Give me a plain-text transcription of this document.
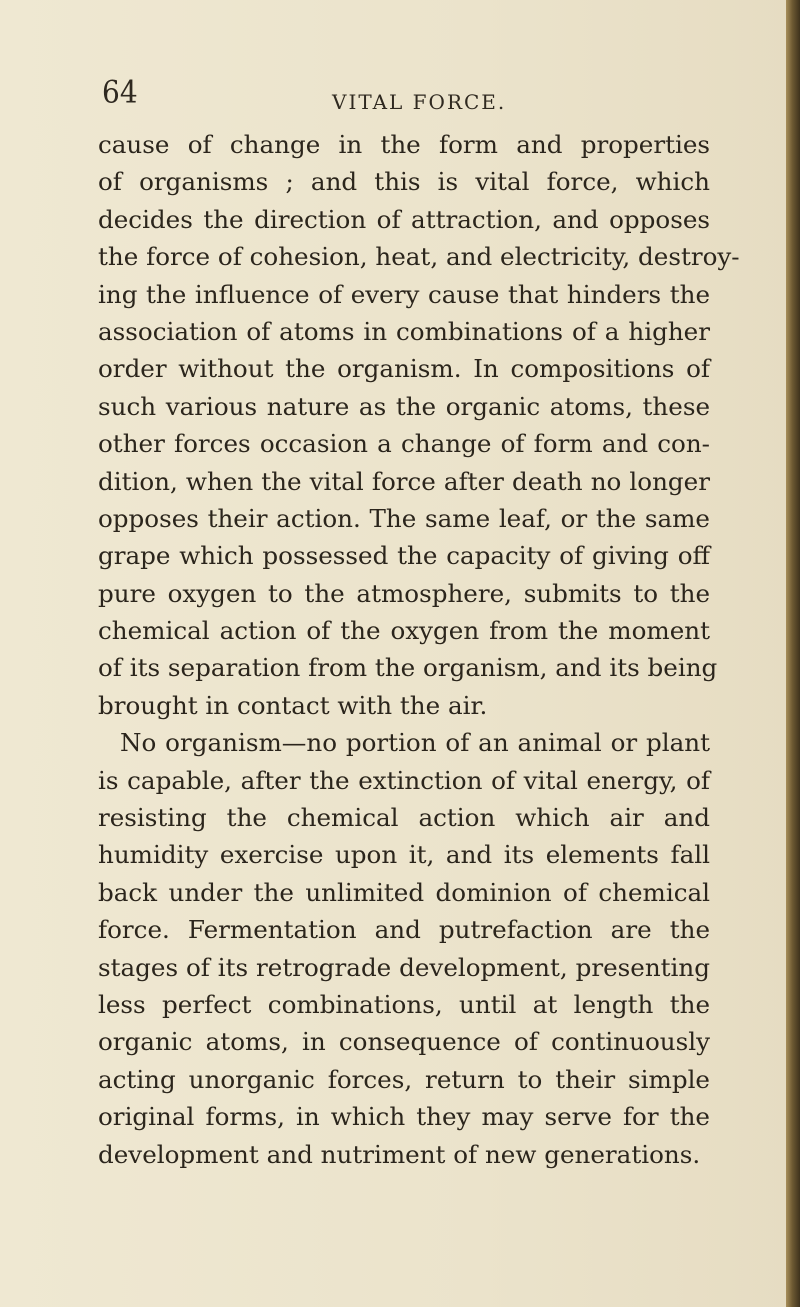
64	VITAL FORCE.
cause of change in the form and properties
of organisms ; and this is vital force, which
decides the direction of attraction, and opposes
the force of cohesion, heat, and electricity, destroy-
ing the influence of every cause that hinders the
association of atoms in combinations of a higher
order without the organism. In compositions of
such various nature as the organic atoms, these
other forces occasion a change of form and con-
dition, when the vital force after death no longer
opposes their action. The same leaf, or the same
grape which possessed the capacity of giving off
pure oxygen to the atmosphere, submits to the
chemical action of the oxygen from the moment
of its separation from the organism, and its being
brought in contact with the air.
No organism—no portion of an animal or plant
is capable, after the extinction of vital energy, of
resisting the chemical action which air and
humidity exercise upon it, and its elements fall
back under the unlimited dominion of chemical
force. Fermentation and putrefaction are the
stages of its retrograde development, presenting
less perfect combinations, until at length the
organic atoms, in consequence of continuously
acting unorganic forces, return to their simple
original forms, in which they may serve for the
development and nutriment of new generations.
